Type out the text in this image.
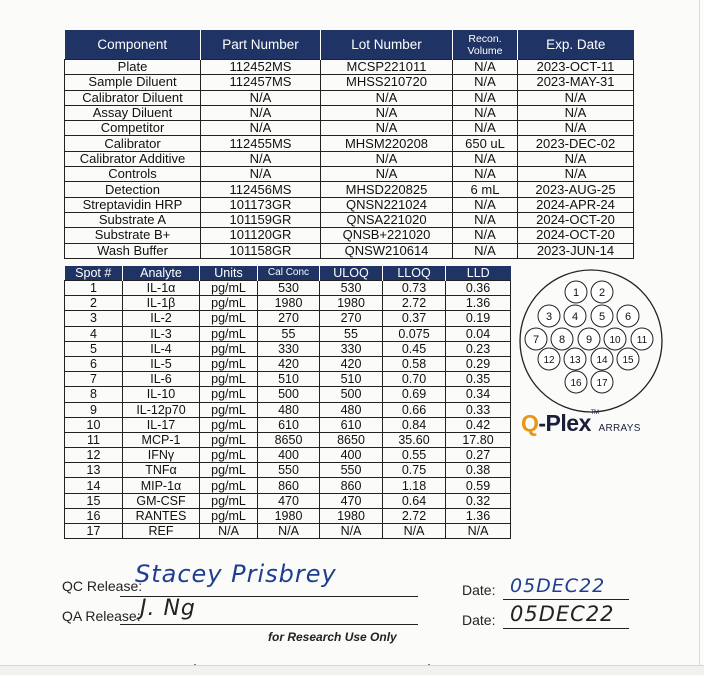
Component	Part Number	Lot Number	Recon. Volume	Exp. Date
Plate	112452MS	MCSP221011	N/A	2023-OCT-11
Sample Diluent	112457MS	MHSS210720	N/A	2023-MAY-31
Calibrator Diluent	N/A	N/A	N/A	N/A
Assay Diluent	N/A	N/A	N/A	N/A
Competitor	N/A	N/A	N/A	N/A
Calibrator	112455MS	MHSM220208	650 uL	2023-DEC-02
Calibrator Additive	N/A	N/A	N/A	N/A
Controls	N/A	N/A	N/A	N/A
Detection	112456MS	MHSD220825	6 mL	2023-AUG-25
Streptavidin HRP	101173GR	QNSN221024	N/A	2024-APR-24
Substrate A	101159GR	QNSA221020	N/A	2024-OCT-20
Substrate B+	101120GR	QNSB+221020	N/A	2024-OCT-20
Wash Buffer	101158GR	QNSW210614	N/A	2023-JUN-14
Spot #	Analyte	Units	Cal Conc	ULOQ	LLOQ	LLD
1	IL-1α	pg/mL	530	530	0.73	0.36
2	IL-1β	pg/mL	1980	1980	2.72	1.36
3	IL-2	pg/mL	270	270	0.37	0.19
4	IL-3	pg/mL	55	55	0.075	0.04
5	IL-4	pg/mL	330	330	0.45	0.23
6	IL-5	pg/mL	420	420	0.58	0.29
7	IL-6	pg/mL	510	510	0.70	0.35
8	IL-10	pg/mL	500	500	0.69	0.34
9	IL-12p70	pg/mL	480	480	0.66	0.33
10	IL-17	pg/mL	610	610	0.84	0.42
11	MCP-1	pg/mL	8650	8650	35.60	17.80
12	IFNγ	pg/mL	400	400	0.55	0.27
13	TNFα	pg/mL	550	550	0.75	0.38
14	MIP-1α	pg/mL	860	860	1.18	0.59
15	GM-CSF	pg/mL	470	470	0.64	0.32
16	RANTES	pg/mL	1980	1980	2.72	1.36
17	REF	N/A	N/A	N/A	N/A	N/A
1 2
3 4 5 6
7 8 9 10 11
12 13 14 15
16 17
Q-Plex™ARRAYS
QC Release:
Stacey Prisbrey
Date: 05DEC22
QA Release: J. Ng	Date: 05DEC22
for Research Use Only
